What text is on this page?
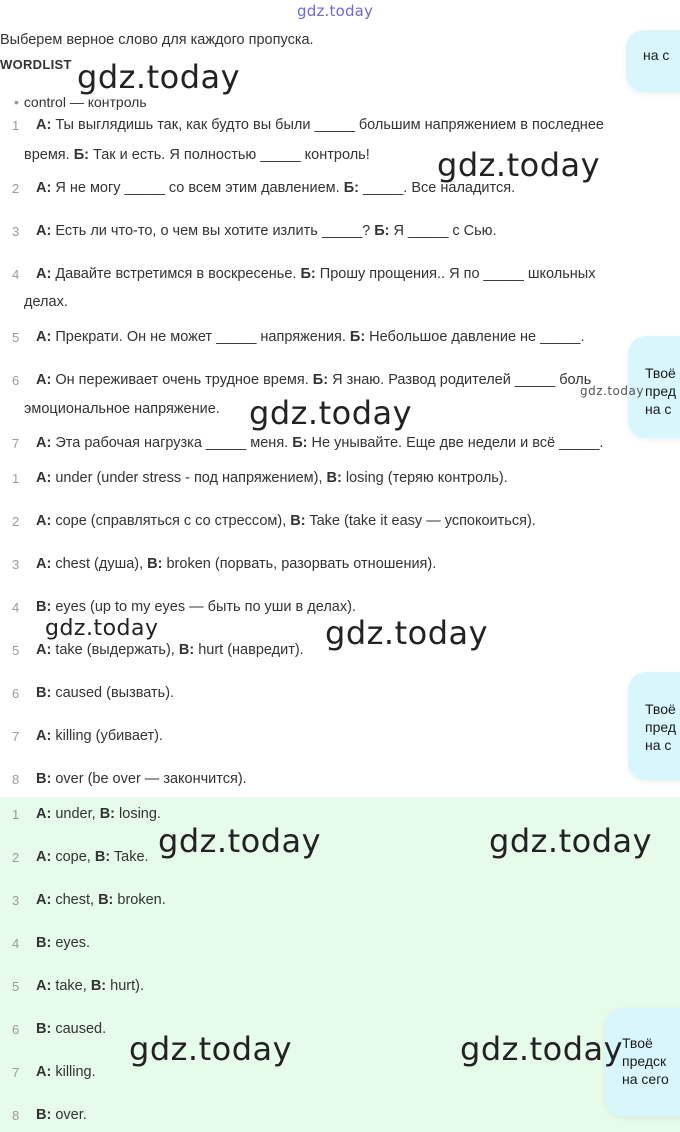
gdz.today
Выберем верное слово для каждого пропуска.
WORDLIST
• control — контроль
1 A: Ты выглядишь так, как будто вы были _____ большим напряжением в последнее
время. Б: Так и есть. Я полностью _____ контроль!
2 A: Я не могу _____ со всем этим давлением. Б: _____. Все наладится.
3 A: Есть ли что-то, о чем вы хотите излить _____? Б: Я _____ с Сью.
4 A: Давайте встретимся в воскресенье. Б: Прошу прощения.. Я по _____ школьных
делах.
5 A: Прекрати. Он не может _____ напряжения. Б: Небольшое давление не _____.
6 A: Он переживает очень трудное время. Б: Я знаю. Развод родителей _____ боль
эмоциональное напряжение.
7 A: Эта рабочая нагрузка _____ меня. Б: Не унывайте. Еще две недели и всё _____.
1 A: under (under stress - под напряжением), B: losing (теряю контроль).
2 A: cope (справляться с со стрессом), B: Take (take it easy — успокоиться).
3 A: chest (душа), B: broken (порвать, разорвать отношения).
4 B: eyes (up to my eyes — быть по уши в делах).
5 A: take (выдержать), B: hurt (навредит).
6 B: caused (вызвать).
7 A: killing (убивает).
8 B: over (be over — закончится).
1 A: under, B: losing.
2 A: cope, B: Take.
3 A: chest, B: broken.
4 B: eyes.
5 A: take, B: hurt).
6 B: caused.
7 A: killing.
8 B: over.
на с
Твоё
пред
на с
Твоё
пред
на с
Твоё
предск
на сего
gdz.today
gdz.today
gdz.today
gdz.today
gdz.today	gdz.today
gdz.today	gdz.today
gdz.today	gdz.today
